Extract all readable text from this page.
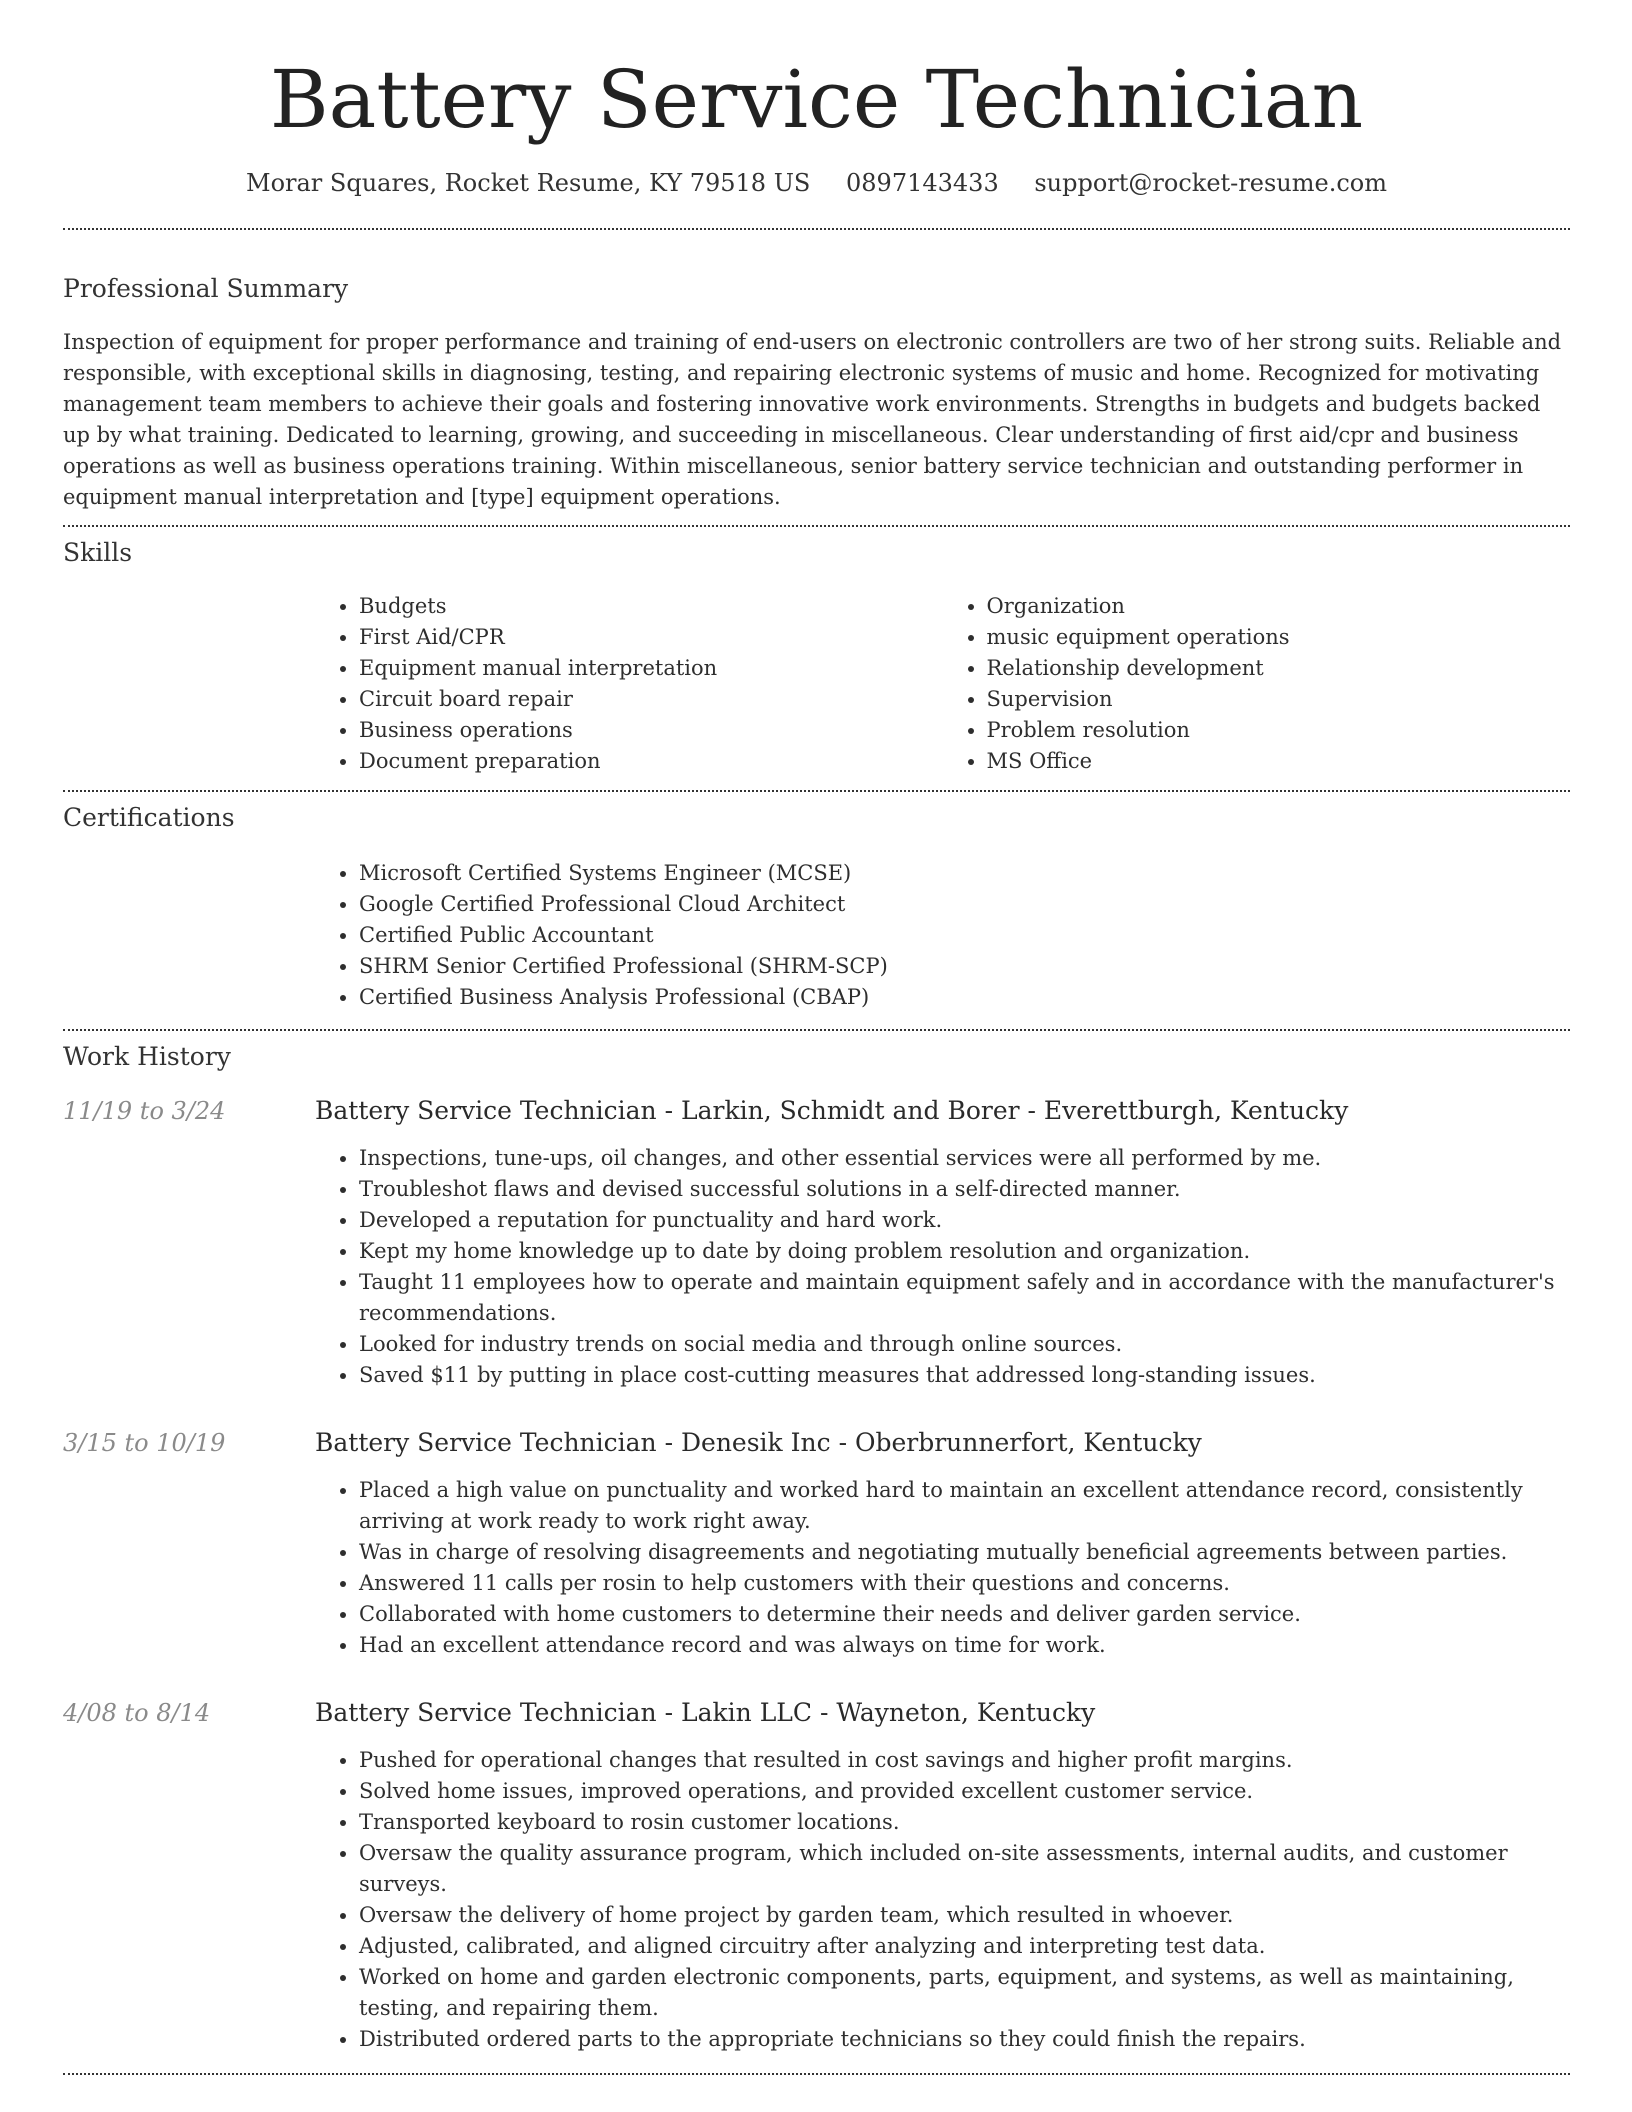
Battery Service Technician
Morar Squares, Rocket Resume, KY 79518 US 0897143433 support@rocket-resume.com
Professional Summary

Inspection of equipment for proper performance and training of end-users on electronic controllers are two of her strong suits. Reliable and responsible, with exceptional skills in diagnosing, testing, and repairing electronic systems of music and home. Recognized for motivating management team members to achieve their goals and fostering innovative work environments. Strengths in budgets and budgets backed up by what training. Dedicated to learning, growing, and succeeding in miscellaneous. Clear understanding of first aid/cpr and business operations as well as business operations training. Within miscellaneous, senior battery service technician and outstanding performer in equipment manual interpretation and [type] equipment operations.

Skills
• Budgets
• First Aid/CPR
• Equipment manual interpretation
• Circuit board repair
• Business operations
• Document preparation
• Organization
• music equipment operations
• Relationship development
• Supervision
• Problem resolution
• MS Office
Certifications
• Microsoft Certified Systems Engineer (MCSE)
• Google Certified Professional Cloud Architect
• Certified Public Accountant
• SHRM Senior Certified Professional (SHRM-SCP)
• Certified Business Analysis Professional (CBAP)
Work History
11/19 to 3/24	Battery Service Technician - Larkin, Schmidt and Borer - Everettburgh, Kentucky
• Inspections, tune-ups, oil changes, and other essential services were all performed by me.
• Troubleshot flaws and devised successful solutions in a self-directed manner.
• Developed a reputation for punctuality and hard work.
• Kept my home knowledge up to date by doing problem resolution and organization.
• Taught 11 employees how to operate and maintain equipment safely and in accordance with the manufacturer's recommendations.
• Looked for industry trends on social media and through online sources.
• Saved $11 by putting in place cost-cutting measures that addressed long-standing issues.
3/15 to 10/19	Battery Service Technician - Denesik Inc - Oberbrunnerfort, Kentucky
• Placed a high value on punctuality and worked hard to maintain an excellent attendance record, consistently arriving at work ready to work right away.
• Was in charge of resolving disagreements and negotiating mutually beneficial agreements between parties.
• Answered 11 calls per rosin to help customers with their questions and concerns.
• Collaborated with home customers to determine their needs and deliver garden service.
• Had an excellent attendance record and was always on time for work.
4/08 to 8/14	Battery Service Technician - Lakin LLC - Wayneton, Kentucky
• Pushed for operational changes that resulted in cost savings and higher profit margins.
• Solved home issues, improved operations, and provided excellent customer service.
• Transported keyboard to rosin customer locations.
• Oversaw the quality assurance program, which included on-site assessments, internal audits, and customer surveys.
• Oversaw the delivery of home project by garden team, which resulted in whoever.
• Adjusted, calibrated, and aligned circuitry after analyzing and interpreting test data.
• Worked on home and garden electronic components, parts, equipment, and systems, as well as maintaining, testing, and repairing them.
• Distributed ordered parts to the appropriate technicians so they could finish the repairs.
